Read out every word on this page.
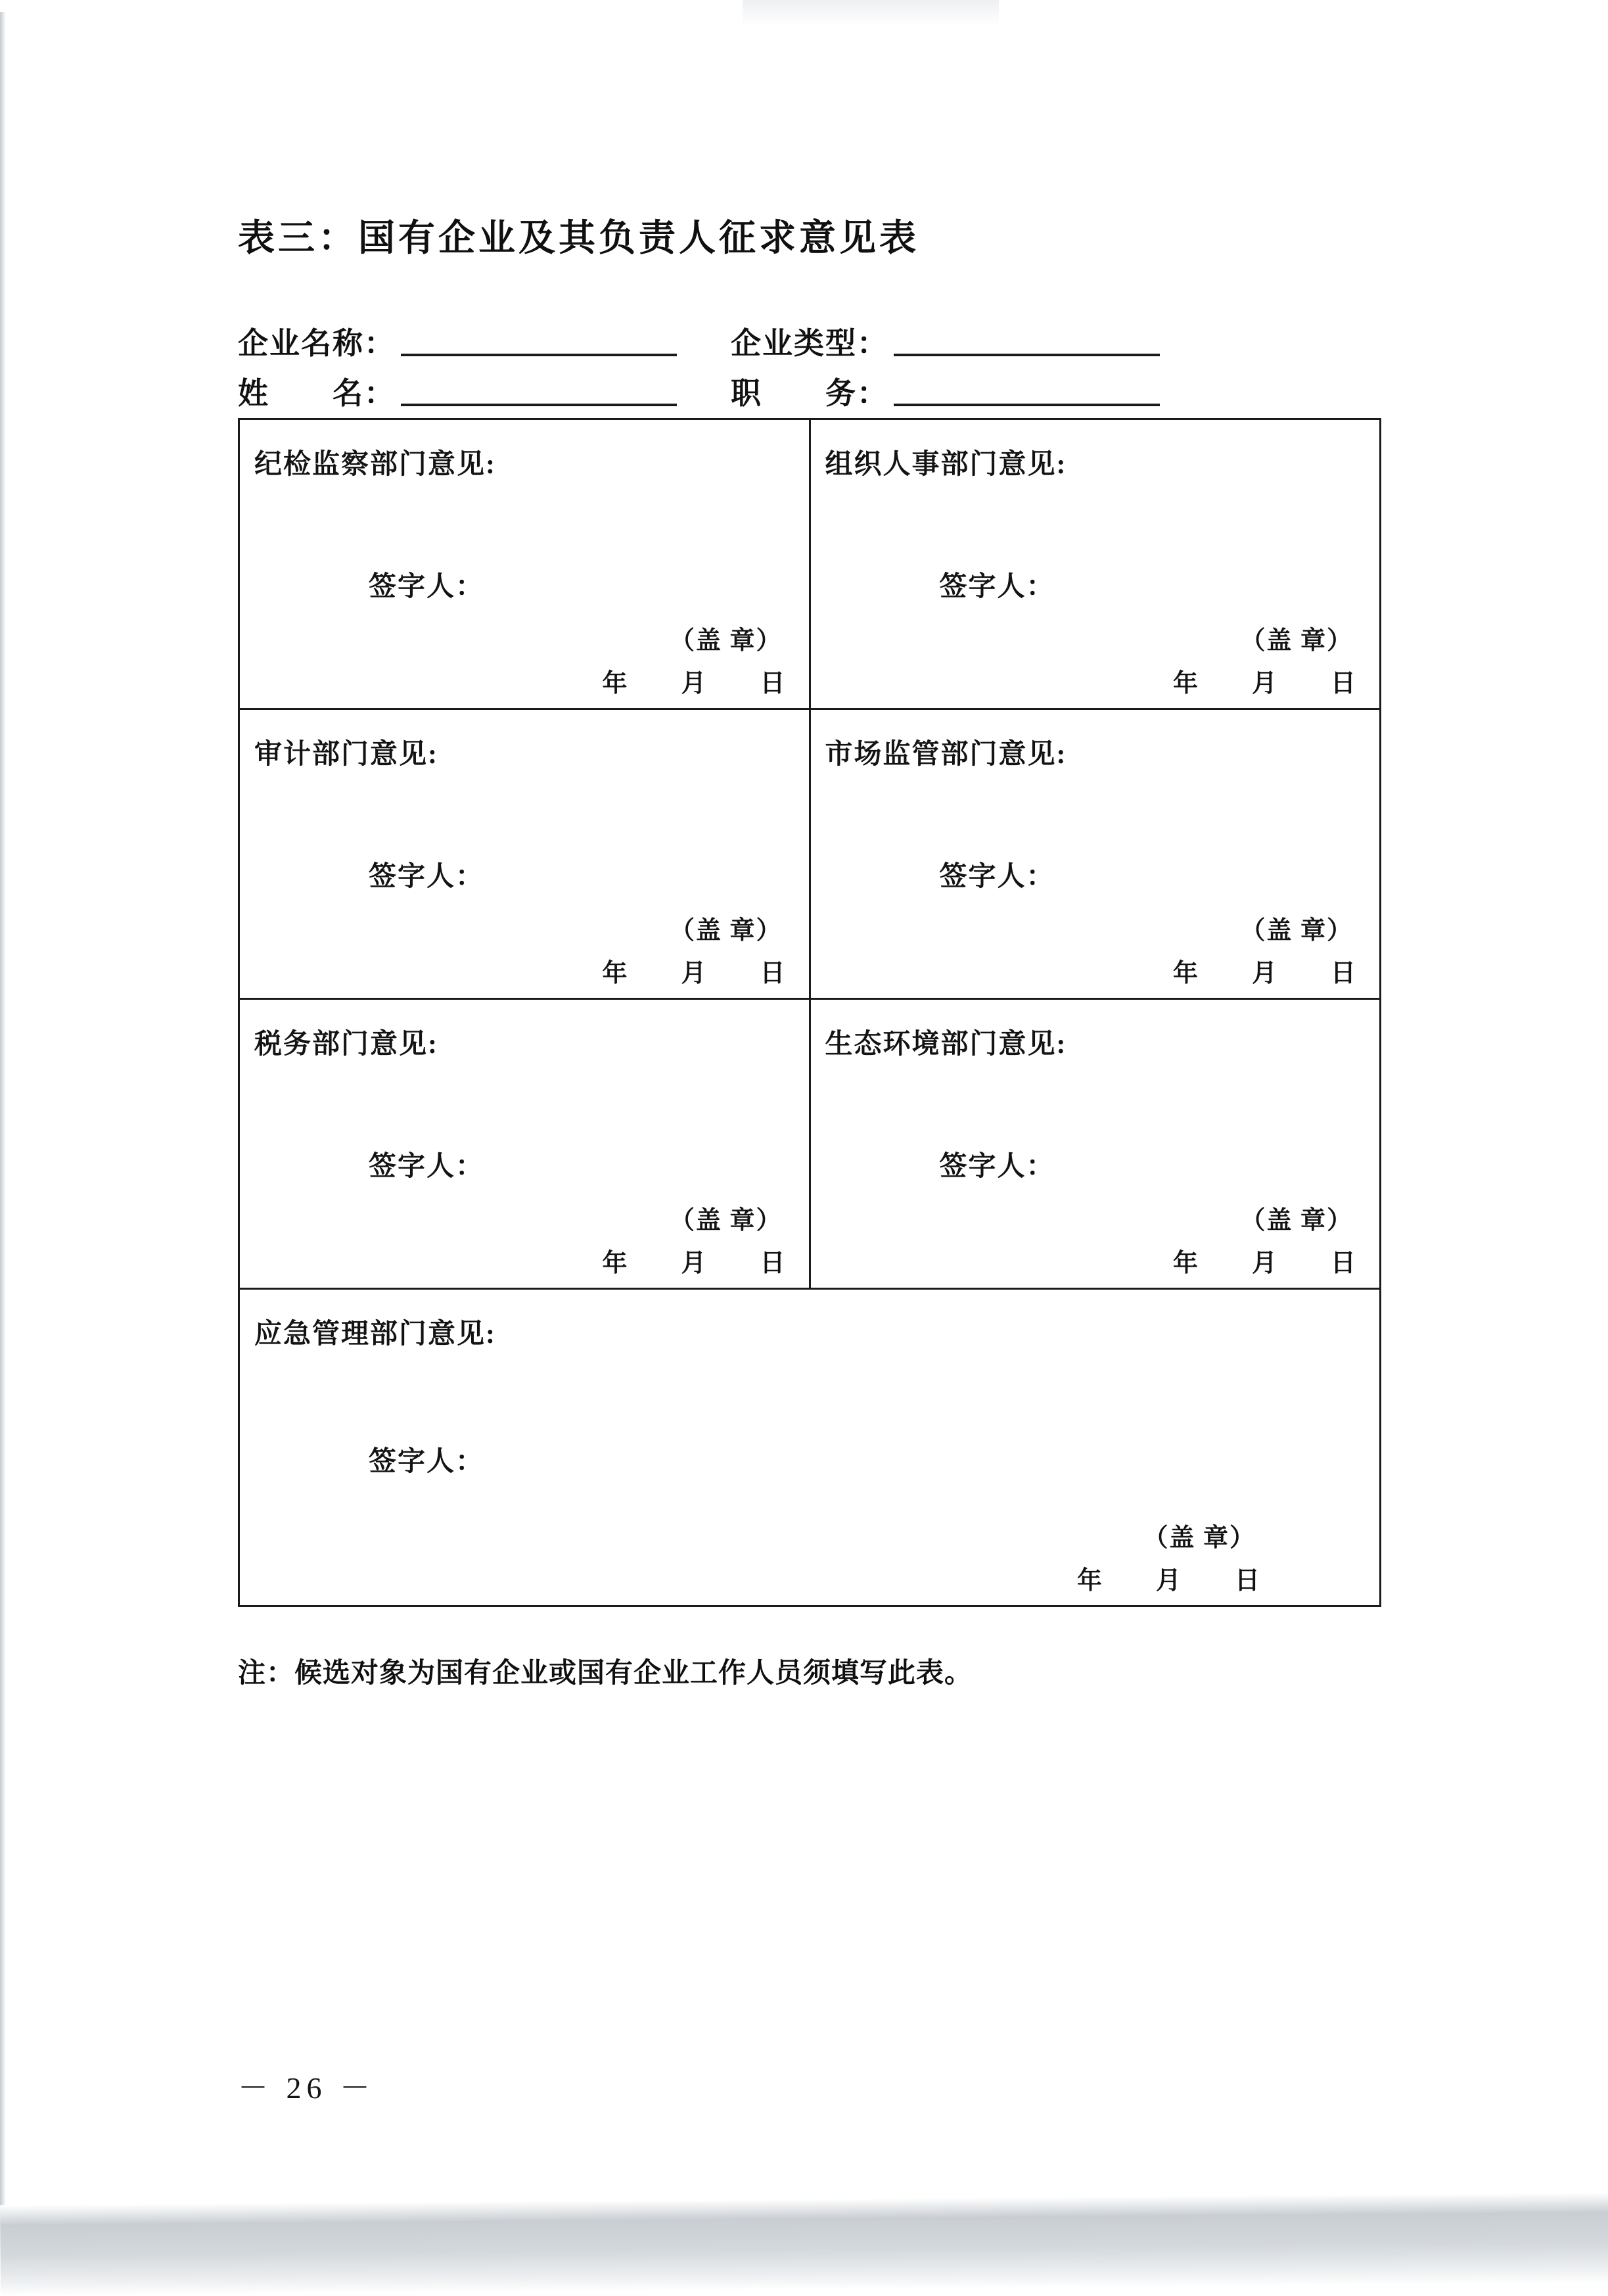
表三：国有企业及其负责人征求意见表
企业名称：	企业类型：
姓　　名：	职　　务：
纪检监察部门意见:
签字人：
（盖 章）
年　　月　　日

组织人事部门意见:
签字人：
（盖 章）
年　　月　　日

审计部门意见:
签字人：
（盖 章）
年　　月　　日

市场监管部门意见:
签字人：
（盖 章）
年　　月　　日

税务部门意见:
签字人：
（盖 章）
年　　月　　日

生态环境部门意见:
签字人：
（盖 章）
年　　月　　日

应急管理部门意见:
签字人：
（盖 章）
年　　月　　日	
注：候选对象为国有企业或国有企业工作人员须填写此表。
－ 26 －
